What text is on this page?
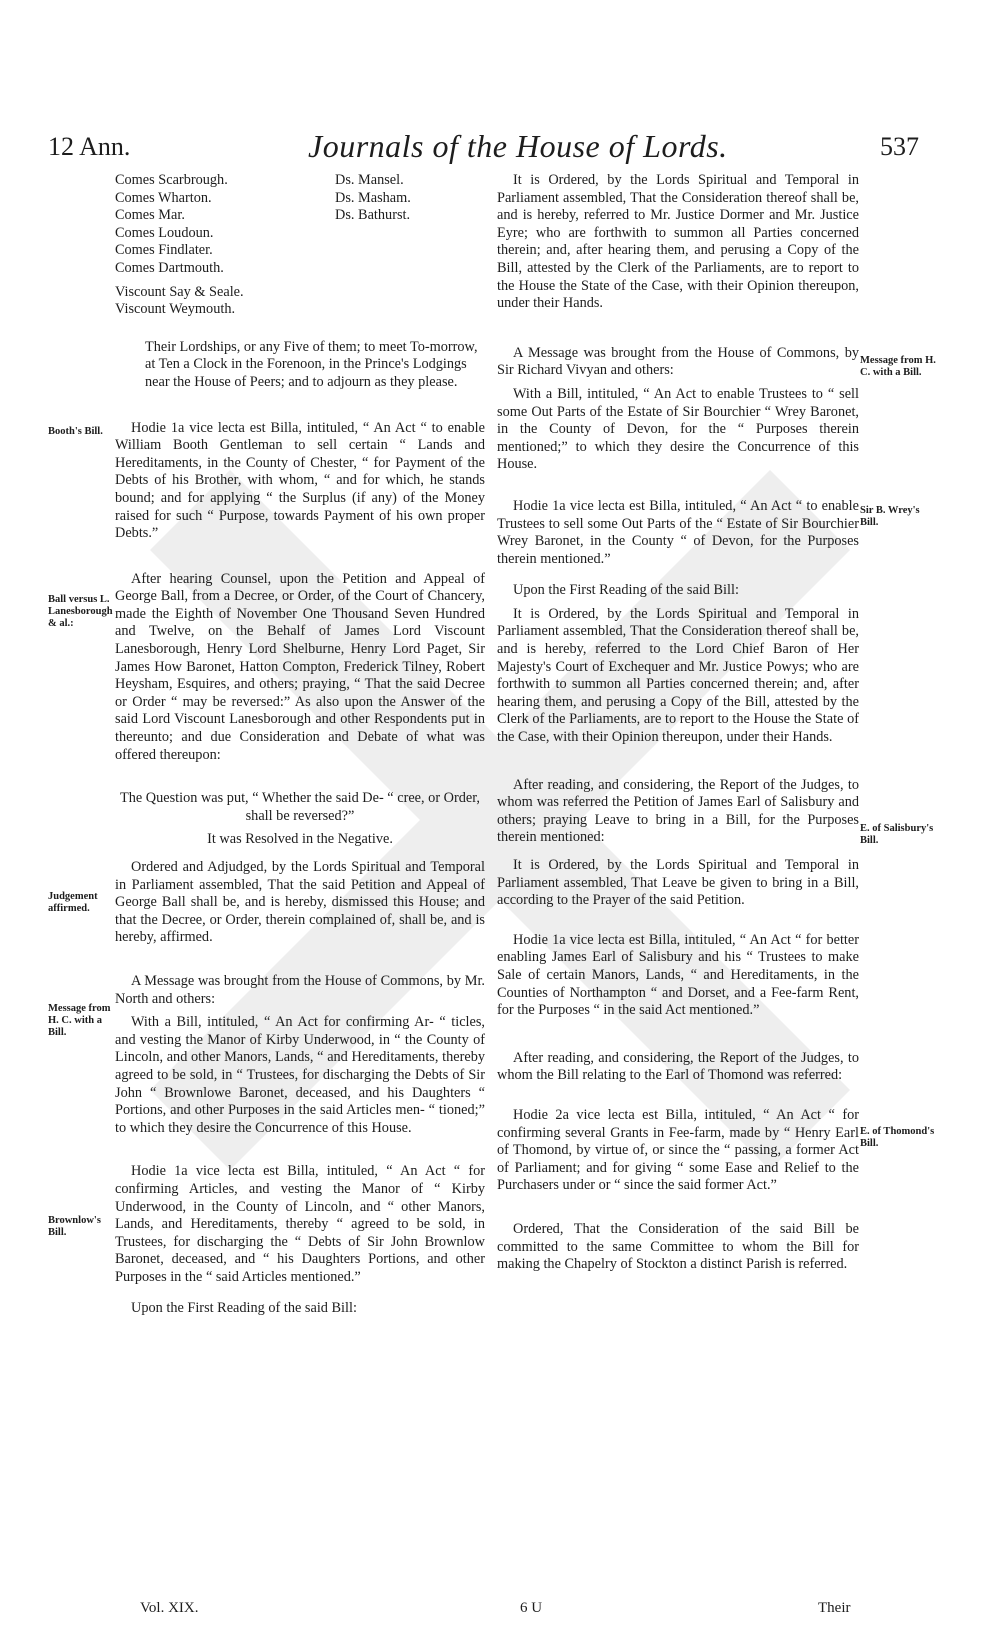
12 Ann.	Journals of the House of Lords.	537
Comes Scarbrough.
Comes Wharton.
Comes Mar.
Comes Loudoun.
Comes Findlater.
Comes Dartmouth.
Viscount Say & Seale.
Viscount Weymouth.
Ds. Mansel.
Ds. Masham.
Ds. Bathurst.

Their Lordships, or any Five of them; to meet To-morrow, at Ten a Clock in the Forenoon, in the Prince's Lodgings near the House of Peers; and to adjourn as they please.

Hodie 1a vice lecta est Billa, intituled, “ An Act “ to enable William Booth Gentleman to sell certain “ Lands and Hereditaments, in the County of Chester, “ for Payment of the Debts of his Brother, with whom, “ and for which, he stands bound; and for applying “ the Surplus (if any) of the Money raised for such “ Purpose, towards Payment of his own proper Debts.”

After hearing Counsel, upon the Petition and Appeal of George Ball, from a Decree, or Order, of the Court of Chancery, made the Eighth of November One Thousand Seven Hundred and Twelve, on the Behalf of James Lord Viscount Lanesborough, Henry Lord Shelburne, Henry Lord Paget, Sir James How Baronet, Hatton Compton, Frederick Tilney, Robert Heysham, Esquires, and others; praying, “ That the said Decree or Order “ may be reversed:” As also upon the Answer of the said Lord Viscount Lanesborough and other Respondents put in thereunto; and due Consideration and Debate of what was offered thereupon:

The Question was put, “ Whether the said De- “ cree, or Order, shall be reversed?”

It was Resolved in the Negative.

Ordered and Adjudged, by the Lords Spiritual and Temporal in Parliament assembled, That the said Petition and Appeal of George Ball shall be, and is hereby, dismissed this House; and that the Decree, or Order, therein complained of, shall be, and is hereby, affirmed.

A Message was brought from the House of Commons, by Mr. North and others:

With a Bill, intituled, “ An Act for confirming Ar- “ ticles, and vesting the Manor of Kirby Underwood, in “ the County of Lincoln, and other Manors, Lands, “ and Hereditaments, thereby agreed to be sold, in “ Trustees, for discharging the Debts of Sir John “ Brownlowe Baronet, deceased, and his Daughters “ Portions, and other Purposes in the said Articles men- “ tioned;” to which they desire the Concurrence of this House.

Hodie 1a vice lecta est Billa, intituled, “ An Act “ for confirming Articles, and vesting the Manor of “ Kirby Underwood, in the County of Lincoln, and “ other Manors, Lands, and Hereditaments, thereby “ agreed to be sold, in Trustees, for discharging the “ Debts of Sir John Brownlow Baronet, deceased, and “ his Daughters Portions, and other Purposes in the “ said Articles mentioned.”

Upon the First Reading of the said Bill:

It is Ordered, by the Lords Spiritual and Temporal in Parliament assembled, That the Consideration thereof shall be, and is hereby, referred to Mr. Justice Dormer and Mr. Justice Eyre; who are forthwith to summon all Parties concerned therein; and, after hearing them, and perusing a Copy of the Bill, attested by the Clerk of the Parliaments, are to report to the House the State of the Case, with their Opinion thereupon, under their Hands.

A Message was brought from the House of Commons, by Sir Richard Vivyan and others:

With a Bill, intituled, “ An Act to enable Trustees to “ sell some Out Parts of the Estate of Sir Bourchier “ Wrey Baronet, in the County of Devon, for the “ Purposes therein mentioned;” to which they desire the Concurrence of this House.

Hodie 1a vice lecta est Billa, intituled, “ An Act “ to enable Trustees to sell some Out Parts of the “ Estate of Sir Bourchier Wrey Baronet, in the County “ of Devon, for the Purposes therein mentioned.”

Upon the First Reading of the said Bill:

It is Ordered, by the Lords Spiritual and Temporal in Parliament assembled, That the Consideration thereof shall be, and is hereby, referred to the Lord Chief Baron of Her Majesty's Court of Exchequer and Mr. Justice Powys; who are forthwith to summon all Parties concerned therein; and, after hearing them, and perusing a Copy of the Bill, attested by the Clerk of the Parliaments, are to report to the House the State of the Case, with their Opinion thereupon, under their Hands.

After reading, and considering, the Report of the Judges, to whom was referred the Petition of James Earl of Salisbury and others; praying Leave to bring in a Bill, for the Purposes therein mentioned:

It is Ordered, by the Lords Spiritual and Temporal in Parliament assembled, That Leave be given to bring in a Bill, according to the Prayer of the said Petition.

Hodie 1a vice lecta est Billa, intituled, “ An Act “ for better enabling James Earl of Salisbury and his “ Trustees to make Sale of certain Manors, Lands, “ and Hereditaments, in the Counties of Northampton “ and Dorset, and a Fee-farm Rent, for the Purposes “ in the said Act mentioned.”

After reading, and considering, the Report of the Judges, to whom the Bill relating to the Earl of Thomond was referred:

Hodie 2a vice lecta est Billa, intituled, “ An Act “ for confirming several Grants in Fee-farm, made by “ Henry Earl of Thomond, by virtue of, or since the “ passing, a former Act of Parliament; and for giving “ some Ease and Relief to the Purchasers under or “ since the said former Act.”

Ordered, That the Consideration of the said Bill be committed to the same Committee to whom the Bill for making the Chapelry of Stockton a distinct Parish is referred.

Booth's Bill.
Ball versus L. Lanesborough & al.:
Judgement affirmed.
Message from H. C. with a Bill.
Brownlow's Bill.
Message from H. C. with a Bill.
Sir B. Wrey's Bill.
E. of Salisbury's Bill.
E. of Thomond's Bill.
Vol. XIX.	6 U	Their
